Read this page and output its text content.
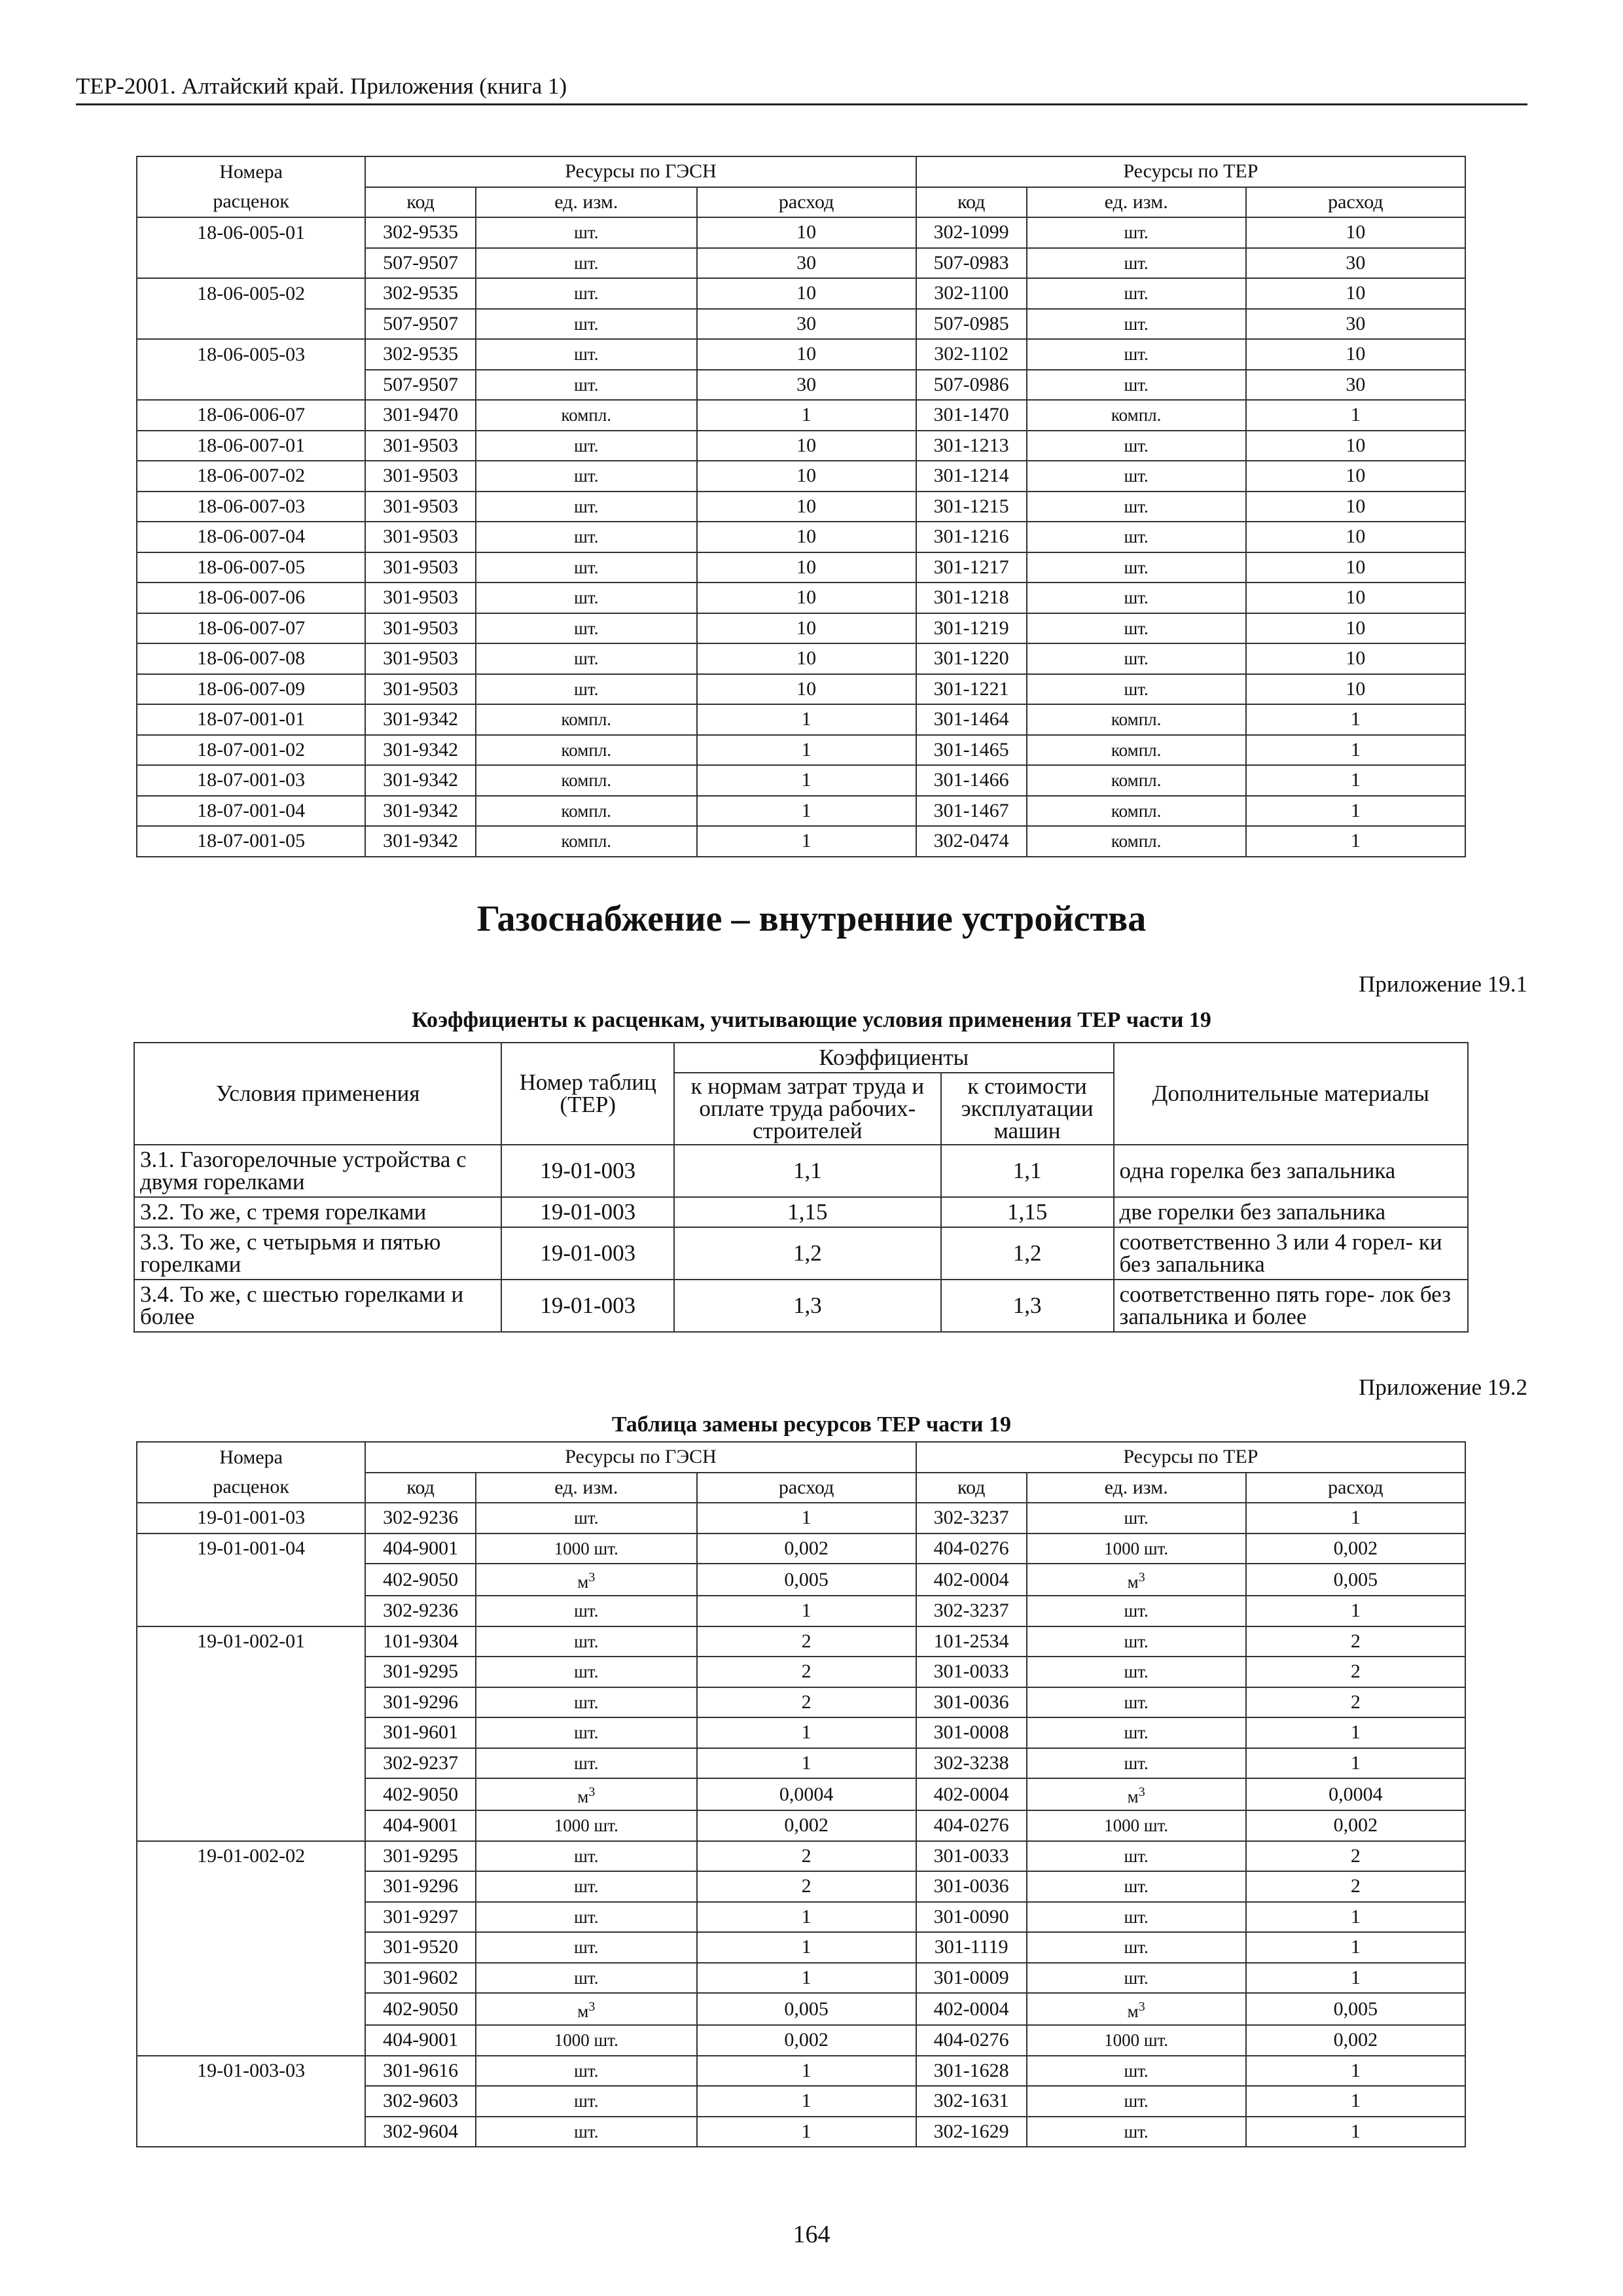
ТЕР-2001. Алтайский край. Приложения (книга 1)
Номера	Ресурсы по ГЭСН			Ресурсы по ТЕР		
расценок	код	ед. изм.	расход	код	ед. изм.	расход
18-06-005-01	302-9535	шт.	10	302-1099	шт.	10
	507-9507	шт.	30	507-0983	шт.	30
18-06-005-02	302-9535	шт.	10	302-1100	шт.	10
	507-9507	шт.	30	507-0985	шт.	30
18-06-005-03	302-9535	шт.	10	302-1102	шт.	10
	507-9507	шт.	30	507-0986	шт.	30
18-06-006-07	301-9470	компл.	1	301-1470	компл.	1
18-06-007-01	301-9503	шт.	10	301-1213	шт.	10
18-06-007-02	301-9503	шт.	10	301-1214	шт.	10
18-06-007-03	301-9503	шт.	10	301-1215	шт.	10
18-06-007-04	301-9503	шт.	10	301-1216	шт.	10
18-06-007-05	301-9503	шт.	10	301-1217	шт.	10
18-06-007-06	301-9503	шт.	10	301-1218	шт.	10
18-06-007-07	301-9503	шт.	10	301-1219	шт.	10
18-06-007-08	301-9503	шт.	10	301-1220	шт.	10
18-06-007-09	301-9503	шт.	10	301-1221	шт.	10
18-07-001-01	301-9342	компл.	1	301-1464	компл.	1
18-07-001-02	301-9342	компл.	1	301-1465	компл.	1
18-07-001-03	301-9342	компл.	1	301-1466	компл.	1
18-07-001-04	301-9342	компл.	1	301-1467	компл.	1
18-07-001-05	301-9342	компл.	1	302-0474	компл.	1
Газоснабжение – внутренние устройства
Приложение 19.1
Коэффициенты к расценкам, учитывающие условия применения ТЕР части 19
Условия применения	Номер таблиц (ТЕР)	Коэффициенты		Дополнительные материалы
		к нормам затрат труда и оплате труда рабочих-строителей	к стоимости эксплуатации машин	
3.1. Газогорелочные устройства с двумя горелками	19-01-003	1,1	1,1	одна горелка без запальника
3.2. То же, с тремя горелками	19-01-003	1,15	1,15	две горелки без запальника
3.3. То же, с четырьмя и пятью горелками	19-01-003	1,2	1,2	соответственно 3 или 4 горел- ки без запальника
3.4. То же, с шестью горелками и более	19-01-003	1,3	1,3	соответственно пять горе- лок без запальника и более
Приложение 19.2
Таблица замены ресурсов ТЕР части 19
Номера	Ресурсы по ГЭСН			Ресурсы по ТЕР		
расценок	код	ед. изм.	расход	код	ед. изм.	расход
19-01-001-03	302-9236	шт.	1	302-3237	шт.	1
19-01-001-04	404-9001	1000 шт.	0,002	404-0276	1000 шт.	0,002
	402-9050	$м^3$	0,005	402-0004	$м^3$	0,005
	302-9236	шт.	1	302-3237	шт.	1
19-01-002-01	101-9304	шт.	2	101-2534	шт.	2
	301-9295	шт.	2	301-0033	шт.	2
	301-9296	шт.	2	301-0036	шт.	2
	301-9601	шт.	1	301-0008	шт.	1
	302-9237	шт.	1	302-3238	шт.	1
	402-9050	$м^3$	0,0004	402-0004	$м^3$	0,0004
	404-9001	1000 шт.	0,002	404-0276	1000 шт.	0,002
19-01-002-02	301-9295	шт.	2	301-0033	шт.	2
	301-9296	шт.	2	301-0036	шт.	2
	301-9297	шт.	1	301-0090	шт.	1
	301-9520	шт.	1	301-1119	шт.	1
	301-9602	шт.	1	301-0009	шт.	1
	402-9050	$м^3$	0,005	402-0004	$м^3$	0,005
	404-9001	1000 шт.	0,002	404-0276	1000 шт.	0,002
19-01-003-03	301-9616	шт.	1	301-1628	шт.	1
	302-9603	шт.	1	302-1631	шт.	1
	302-9604	шт.	1	302-1629	шт.	1
164
